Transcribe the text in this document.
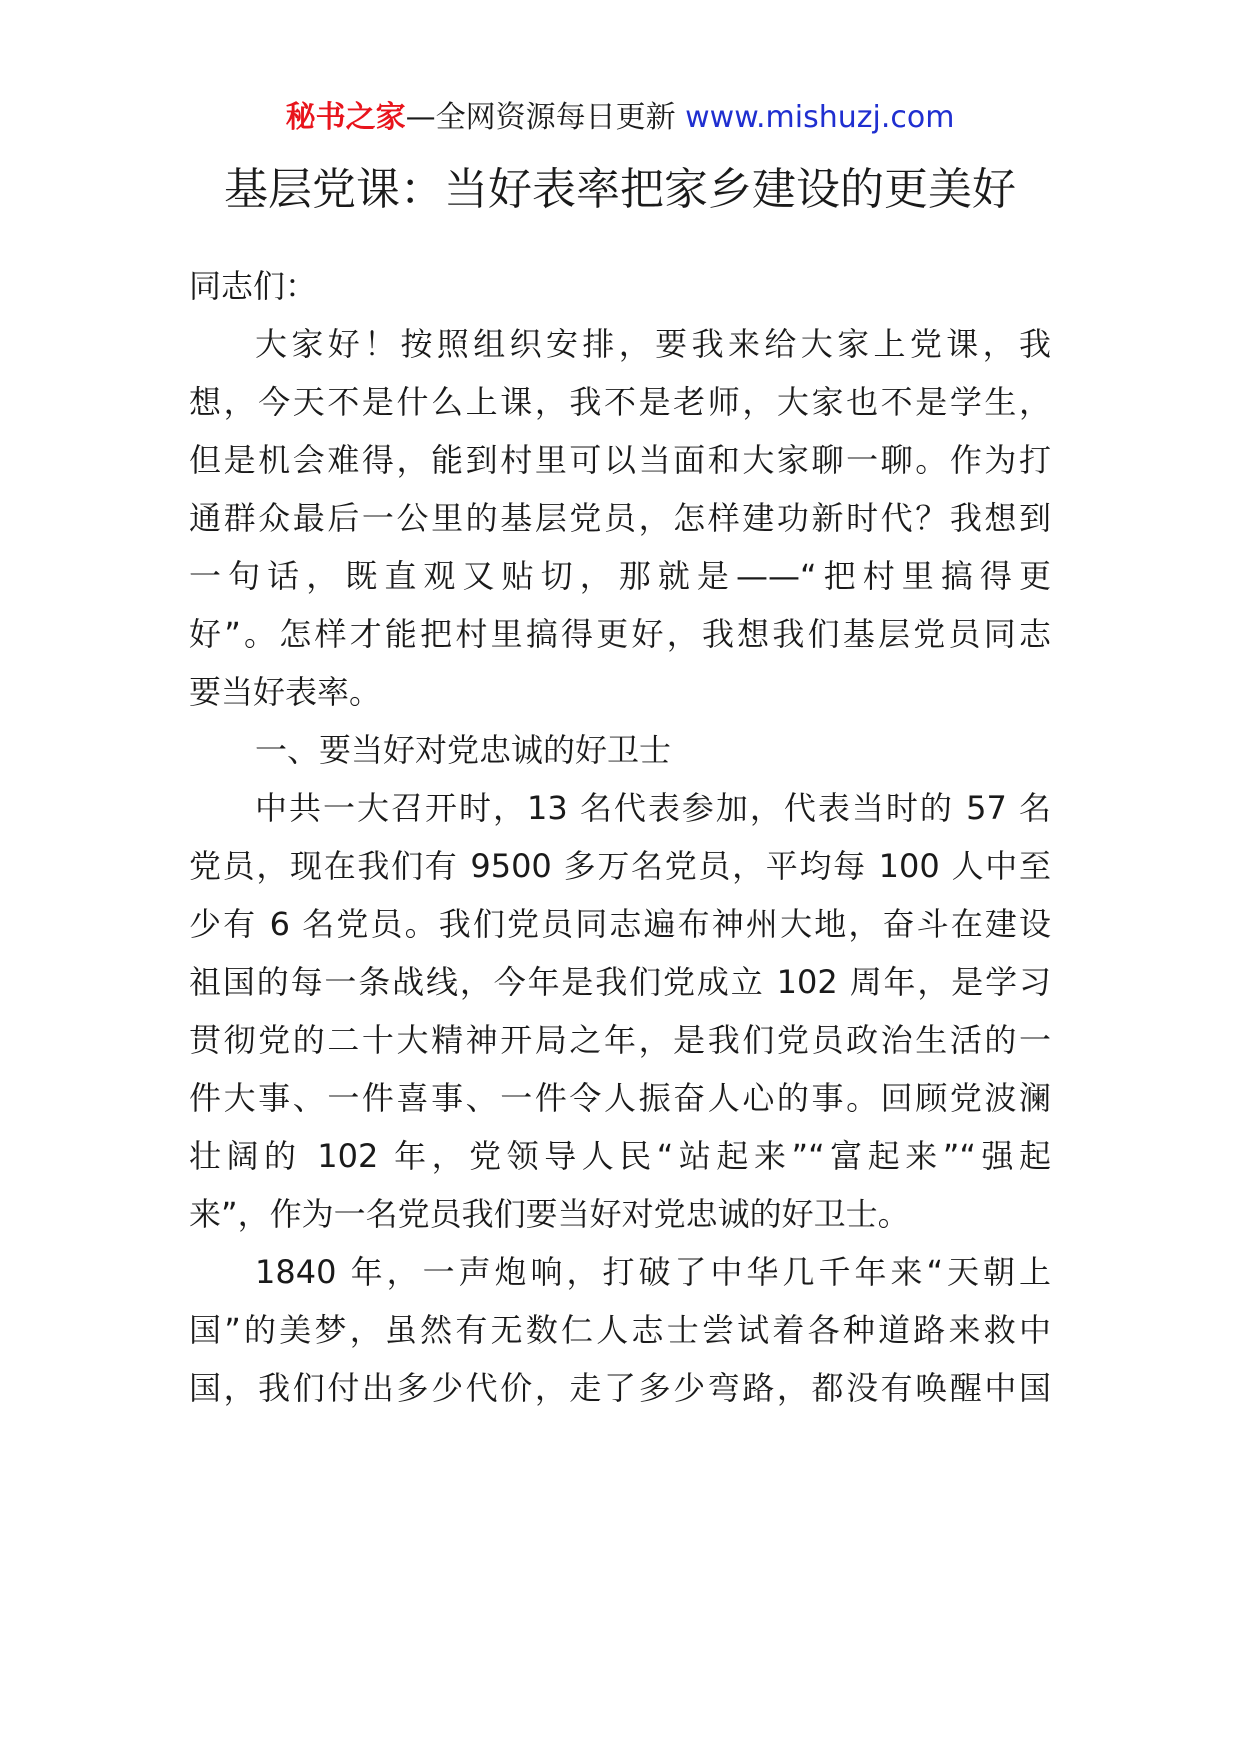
秘书之家—全网资源每日更新 www.mishuzj.com
基层党课：当好表率把家乡建设的更美好
同志们：
大家好！按照组织安排，要我来给大家上党课，我
想，今天不是什么上课，我不是老师，大家也不是学生，
但是机会难得，能到村里可以当面和大家聊一聊。作为打
通群众最后一公里的基层党员，怎样建功新时代？我想到
一句话，既直观又贴切，那就是——“把村里搞得更
好”。怎样才能把村里搞得更好，我想我们基层党员同志
要当好表率。
一、要当好对党忠诚的好卫士
中共一大召开时，13 名代表参加，代表当时的 57 名
党员，现在我们有 9500 多万名党员，平均每 100 人中至
少有 6 名党员。我们党员同志遍布神州大地，奋斗在建设
祖国的每一条战线，今年是我们党成立 102 周年，是学习
贯彻党的二十大精神开局之年，是我们党员政治生活的一
件大事、一件喜事、一件令人振奋人心的事。回顾党波澜
壮阔的 102 年，党领导人民“站起来”“富起来”“强起
来”，作为一名党员我们要当好对党忠诚的好卫士。
1840 年，一声炮响，打破了中华几千年来“天朝上
国”的美梦，虽然有无数仁人志士尝试着各种道路来救中
国，我们付出多少代价，走了多少弯路，都没有唤醒中国
